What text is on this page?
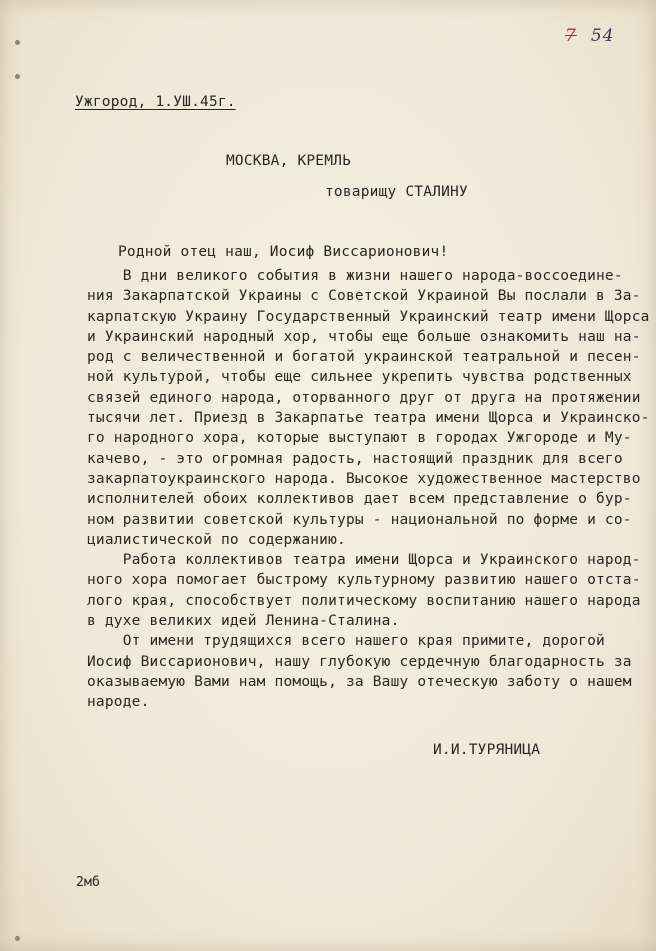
7 54
Ужгород, 1.УШ.45г.
МОСКВА, КРЕМЛЬ
товарищу СТАЛИНУ
Родной отец наш, Иосиф Виссарионович!
В дни великого события в жизни нашего народа-воссоедине-
ния Закарпатской Украины с Советской Украиной Вы послали в За-
карпатскую Украину Государственный Украинский театр имени Щорса
и Украинский народный хор, чтобы еще больше ознакомить наш на-
род с величественной и богатой украинской театральной и песен-
ной культурой, чтобы еще сильнее укрепить чувства родственных
связей единого народа, оторванного друг от друга на протяжении
тысячи лет. Приезд в Закарпатье театра имени Щорса и Украинско-
го народного хора, которые выступают в городах Ужгороде и Му-
качево, - это огромная радость, настоящий праздник для всего
закарпатоукраинского народа. Высокое художественное мастерство
исполнителей обоих коллективов дает всем представление о бур-
ном развитии советской культуры - национальной по форме и со-
циалистической по содержанию.
Работа коллективов театра имени Щорса и Украинского народ-
ного хора помогает быстрому культурному развитию нашего отста-
лого края, способствует политическому воспитанию нашего народа
в духе великих идей Ленина-Сталина.
От имени трудящихся всего нашего края примите, дорогой
Иосиф Виссарионович, нашу глубокую сердечную благодарность за
оказываемую Вами нам помощь, за Вашу отеческую заботу о нашем
народе.
И.И.ТУРЯНИЦА
2мб
